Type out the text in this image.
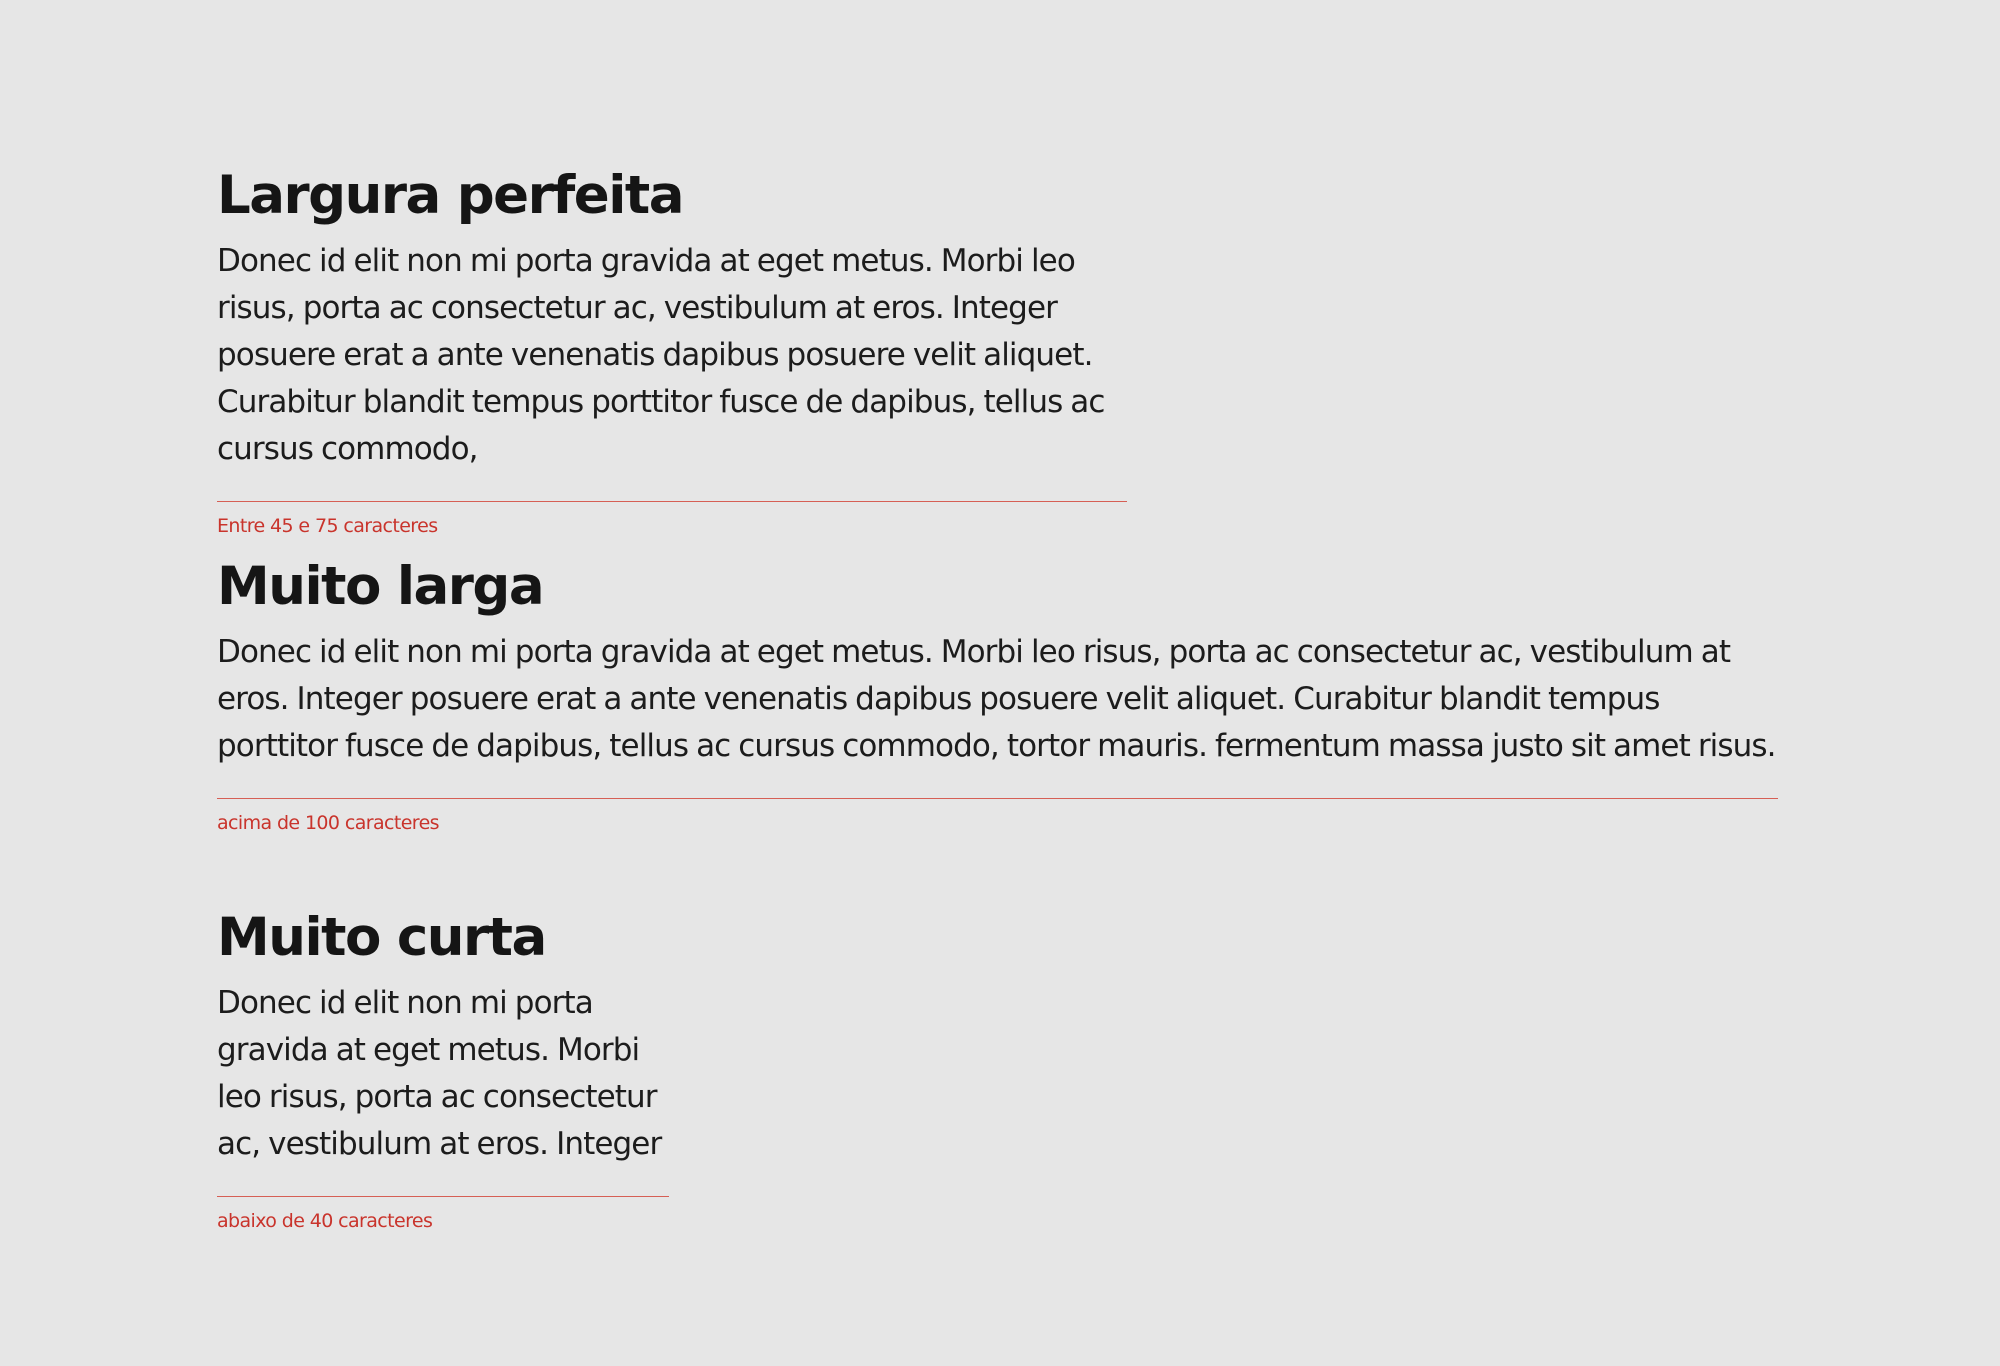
Largura perfeita

Donec id elit non mi porta gravida at eget metus. Morbi leo risus, porta ac consectetur ac, vestibulum at eros. Integer posuere erat a ante venenatis dapibus posuere velit aliquet. Curabitur blandit tempus porttitor fusce de dapibus, tellus ac cursus commodo,

Entre 45 e 75 caracteres
Muito larga

Donec id elit non mi porta gravida at eget metus. Morbi leo risus, porta ac consectetur ac, vestibulum at eros. Integer posuere erat a ante venenatis dapibus posuere velit aliquet. Curabitur blandit tempus porttitor fusce de dapibus, tellus ac cursus commodo, tortor mauris. fermentum massa justo sit amet risus.

acima de 100 caracteres
Muito curta

Donec id elit non mi porta gravida at eget metus. Morbi leo risus, porta ac consectetur ac, vestibulum at eros. Integer

abaixo de 40 caracteres
